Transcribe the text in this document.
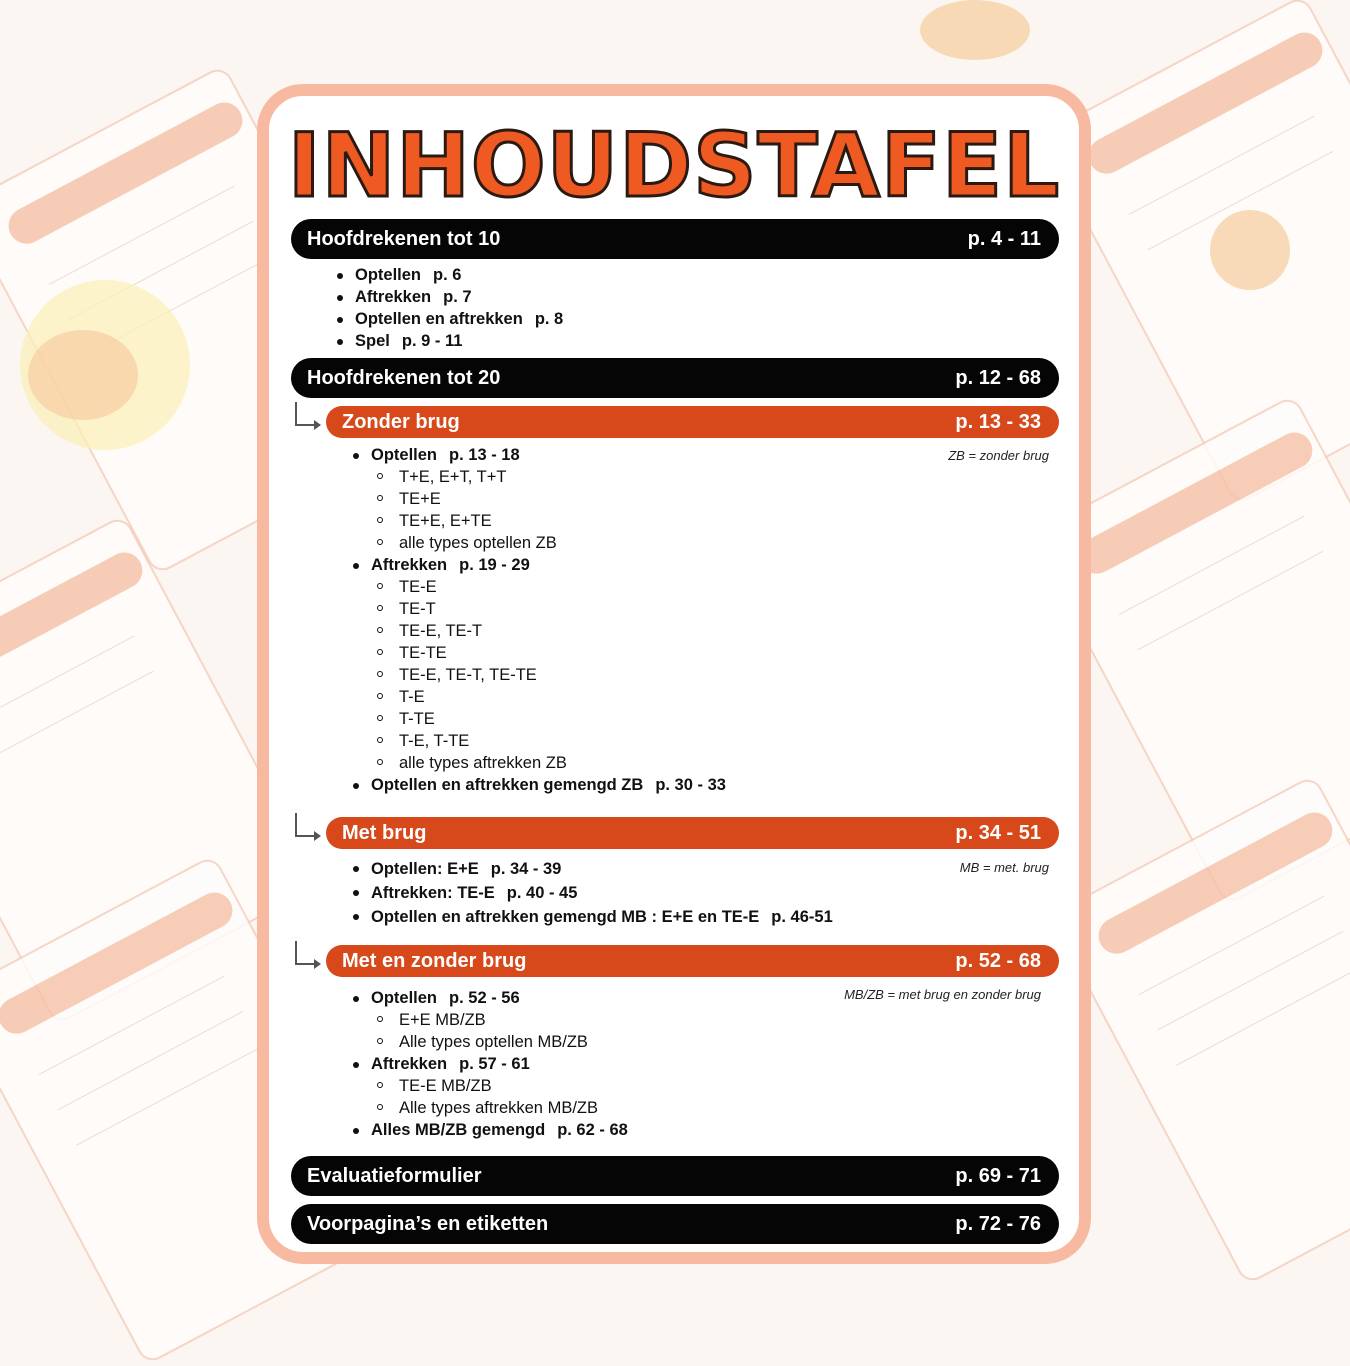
INHOUDSTAFEL
Hoofdrekenen tot 10	p. 4 - 11
Optellen p. 6
Aftrekken p. 7
Optellen en aftrekken p. 8
Spel p. 9 - 11
Hoofdrekenen tot 20	p. 12 - 68
Zonder brug	p. 13 - 33
ZB = zonder brug
Optellen p. 13 - 18
T+E, E+T, T+T
TE+E
TE+E, E+TE
alle types optellen ZB
Aftrekken p. 19 - 29
TE-E
TE-T
TE-E, TE-T
TE-TE
TE-E, TE-T, TE-TE
T-E
T-TE
T-E, T-TE
alle types aftrekken ZB
Optellen en aftrekken gemengd ZB p. 30 - 33
Met brug	p. 34 - 51
MB = met. brug
Optellen: E+E p. 34 - 39
Aftrekken: TE-E p. 40 - 45
Optellen en aftrekken gemengd MB : E+E en TE-E p. 46-51
Met en zonder brug	p. 52 - 68
MB/ZB = met brug en zonder brug
Optellen p. 52 - 56
E+E MB/ZB
Alle types optellen MB/ZB
Aftrekken p. 57 - 61
TE-E MB/ZB
Alle types aftrekken MB/ZB
Alles MB/ZB gemengd p. 62 - 68
Evaluatieformulier	p. 69 - 71
Voorpagina’s en etiketten	p. 72 - 76
